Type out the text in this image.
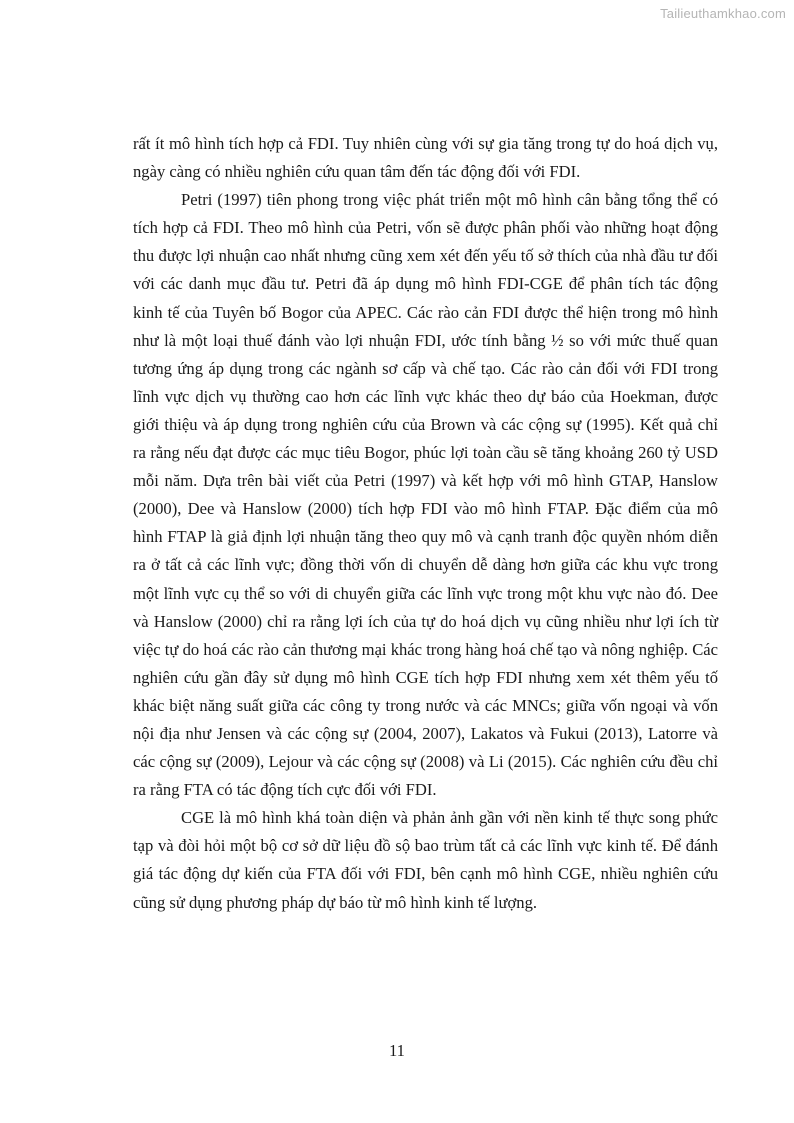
Tailieuthamkhao.com

rất ít mô hình tích hợp cả FDI. Tuy nhiên cùng với sự gia tăng trong tự do hoá dịch vụ, ngày càng có nhiều nghiên cứu quan tâm đến tác động đối với FDI.

Petri (1997) tiên phong trong việc phát triển một mô hình cân bằng tổng thể có tích hợp cả FDI. Theo mô hình của Petri, vốn sẽ được phân phối vào những hoạt động thu được lợi nhuận cao nhất nhưng cũng xem xét đến yếu tố sở thích của nhà đầu tư đối với các danh mục đầu tư. Petri đã áp dụng mô hình FDI-CGE để phân tích tác động kinh tế của Tuyên bố Bogor của APEC. Các rào cản FDI được thể hiện trong mô hình như là một loại thuế đánh vào lợi nhuận FDI, ước tính bằng ½ so với mức thuế quan tương ứng áp dụng trong các ngành sơ cấp và chế tạo. Các rào cản đối với FDI trong lĩnh vực dịch vụ thường cao hơn các lĩnh vực khác theo dự báo của Hoekman, được giới thiệu và áp dụng trong nghiên cứu của Brown và các cộng sự (1995). Kết quả chỉ ra rằng nếu đạt được các mục tiêu Bogor, phúc lợi toàn cầu sẽ tăng khoảng 260 tỷ USD mỗi năm. Dựa trên bài viết của Petri (1997) và kết hợp với mô hình GTAP, Hanslow (2000), Dee và Hanslow (2000) tích hợp FDI vào mô hình FTAP. Đặc điểm của mô hình FTAP là giả định lợi nhuận tăng theo quy mô và cạnh tranh độc quyền nhóm diễn ra ở tất cả các lĩnh vực; đồng thời vốn di chuyển dễ dàng hơn giữa các khu vực trong một lĩnh vực cụ thể so với di chuyển giữa các lĩnh vực trong một khu vực nào đó. Dee và Hanslow (2000) chỉ ra rằng lợi ích của tự do hoá dịch vụ cũng nhiều như lợi ích từ việc tự do hoá các rào cản thương mại khác trong hàng hoá chế tạo và nông nghiệp. Các nghiên cứu gần đây sử dụng mô hình CGE tích hợp FDI nhưng xem xét thêm yếu tố khác biệt năng suất giữa các công ty trong nước và các MNCs; giữa vốn ngoại và vốn nội địa như Jensen và các cộng sự (2004, 2007), Lakatos và Fukui (2013), Latorre và các cộng sự (2009), Lejour và các cộng sự (2008) và Li (2015). Các nghiên cứu đều chỉ ra rằng FTA có tác động tích cực đối với FDI.

CGE là mô hình khá toàn diện và phản ảnh gần với nền kinh tế thực song phức tạp và đòi hỏi một bộ cơ sở dữ liệu đồ sộ bao trùm tất cả các lĩnh vực kinh tế. Để đánh giá tác động dự kiến của FTA đối với FDI, bên cạnh mô hình CGE, nhiều nghiên cứu cũng sử dụng phương pháp dự báo từ mô hình kinh tế lượng.

11
